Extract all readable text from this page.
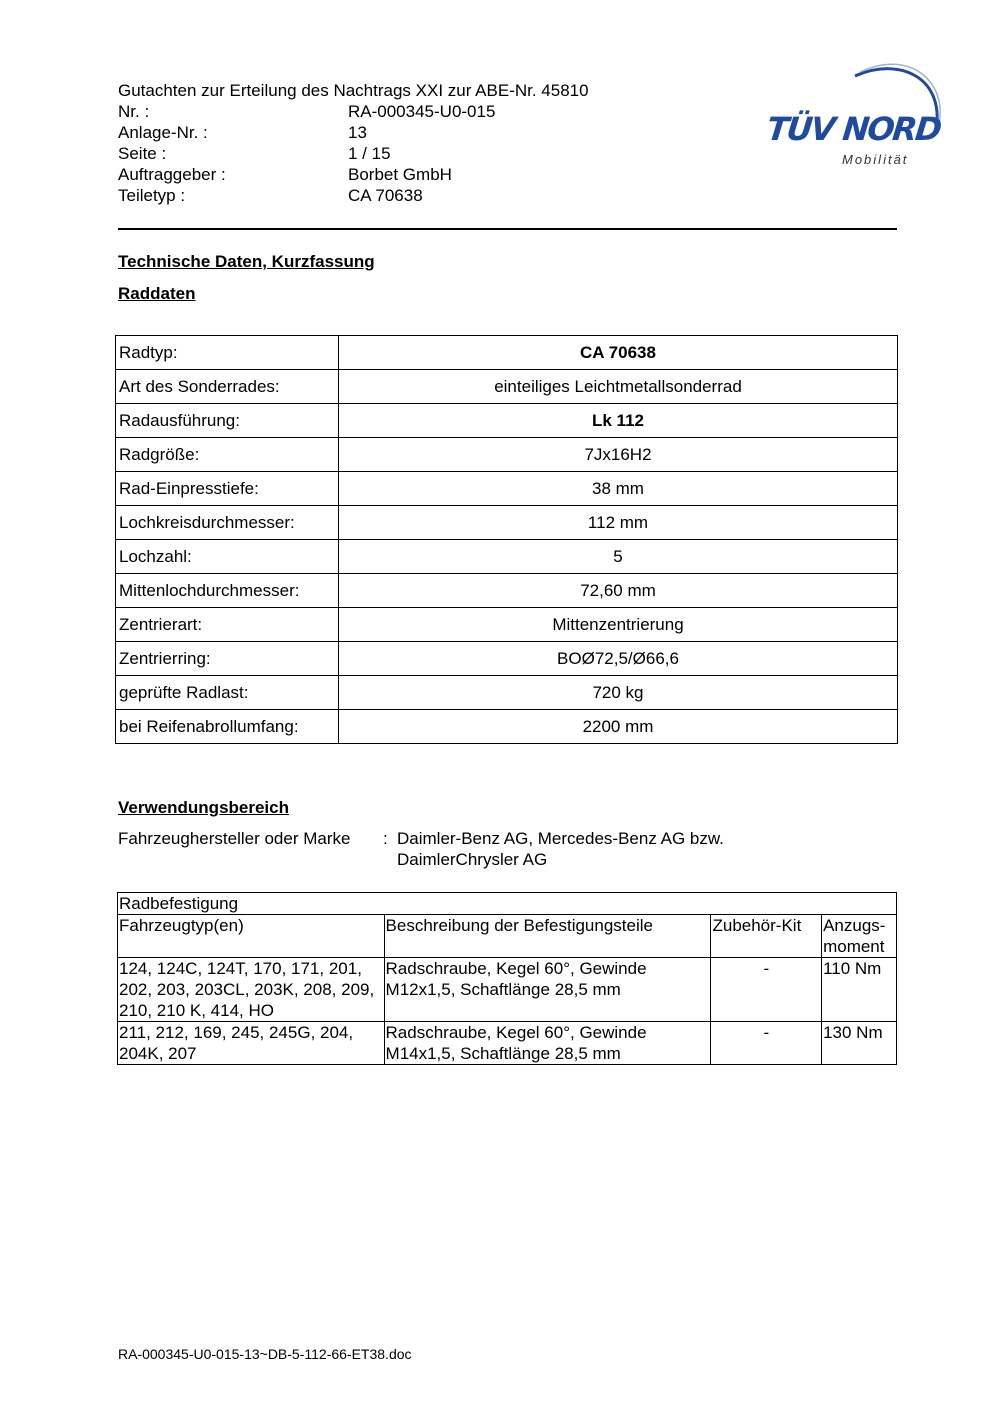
Gutachten zur Erteilung des Nachtrags XXI zur ABE-Nr. 45810
Nr. :	RA-000345-U0-015
Anlage-Nr. :	13
Seite :	1 / 15
Auftraggeber :	Borbet GmbH
Teiletyp :	CA 70638
TÜV NORD
Mobilität
Technische Daten, Kurzfassung
Raddaten
Radtyp:	CA 70638
Art des Sonderrades:	einteiliges Leichtmetallsonderrad
Radausführung:	Lk 112
Radgröße:	7Jx16H2
Rad-Einpresstiefe:	38 mm
Lochkreisdurchmesser:	112 mm
Lochzahl:	5
Mittenlochdurchmesser:	72,60 mm
Zentrierart:	Mittenzentrierung
Zentrierring:	BOØ72,5/Ø66,6
geprüfte Radlast:	720 kg
bei Reifenabrollumfang:	2200 mm
Verwendungsbereich
Fahrzeughersteller oder Marke	: Daimler-Benz AG, Mercedes-Benz AG bzw.
DaimlerChrysler AG
Radbefestigung			
Fahrzeugtyp(en)	Beschreibung der Befestigungsteile	Zubehör-Kit	Anzugs-moment
124, 124C, 124T, 170, 171, 201, 202, 203, 203CL, 203K, 208, 209, 210, 210 K, 414, HO	Radschraube, Kegel 60°, Gewinde M12x1,5, Schaftlänge 28,5 mm	-	110 Nm
211, 212, 169, 245, 245G, 204, 204K, 207	Radschraube, Kegel 60°, Gewinde M14x1,5, Schaftlänge 28,5 mm	-	130 Nm
RA-000345-U0-015-13~DB-5-112-66-ET38.doc
